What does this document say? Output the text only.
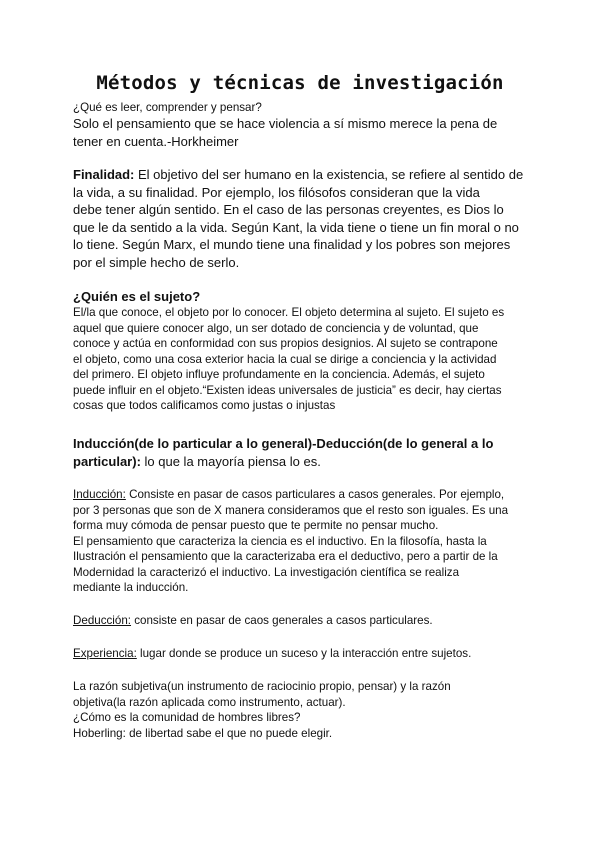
Métodos y técnicas de investigación
¿Qué es leer, comprender y pensar?
Solo el pensamiento que se hace violencia a sí mismo merece la pena de
tener en cuenta.-Horkheimer
Finalidad: El objetivo del ser humano en la existencia, se refiere al sentido de
la vida, a su finalidad. Por ejemplo, los filósofos consideran que la vida
debe tener algún sentido. En el caso de las personas creyentes, es Dios lo
que le da sentido a la vida. Según Kant, la vida tiene o tiene un fin moral o no
lo tiene. Según Marx, el mundo tiene una finalidad y los pobres son mejores
por el simple hecho de serlo.
¿Quién es el sujeto?
El/la que conoce, el objeto por lo conocer. El objeto determina al sujeto. El sujeto es
aquel que quiere conocer algo, un ser dotado de conciencia y de voluntad, que
conoce y actúa en conformidad con sus propios designios. Al sujeto se contrapone
el objeto, como una cosa exterior hacia la cual se dirige a conciencia y la actividad
del primero. El objeto influye profundamente en la conciencia. Además, el sujeto
puede influir en el objeto.“Existen ideas universales de justicia” es decir, hay ciertas
cosas que todos calificamos como justas o injustas
Inducción(de lo particular a lo general)-Deducción(de lo general a lo
particular): lo que la mayoría piensa lo es.
Inducción: Consiste en pasar de casos particulares a casos generales. Por ejemplo,
por 3 personas que son de X manera consideramos que el resto son iguales. Es una
forma muy cómoda de pensar puesto que te permite no pensar mucho.
El pensamiento que caracteriza la ciencia es el inductivo. En la filosofía, hasta la
Ilustración el pensamiento que la caracterizaba era el deductivo, pero a partir de la
Modernidad la caracterizó el inductivo. La investigación científica se realiza
mediante la inducción.
Deducción: consiste en pasar de caos generales a casos particulares.
Experiencia: lugar donde se produce un suceso y la interacción entre sujetos.
La razón subjetiva(un instrumento de raciocinio propio, pensar) y la razón
objetiva(la razón aplicada como instrumento, actuar).
¿Cómo es la comunidad de hombres libres?
Hoberling: de libertad sabe el que no puede elegir.
